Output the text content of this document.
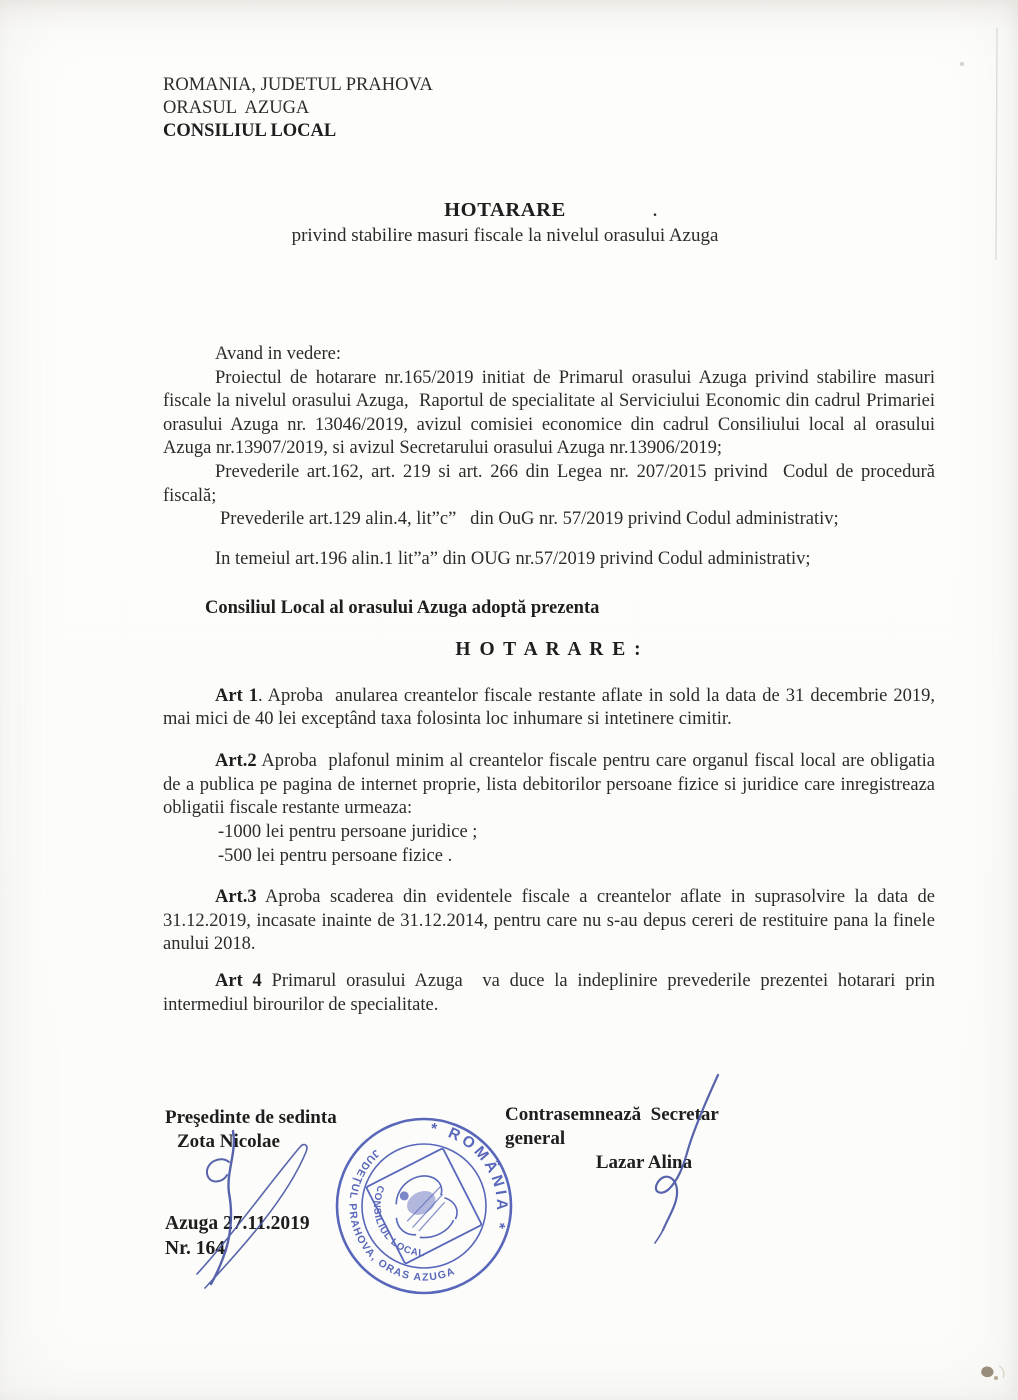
ROMANIA, JUDETUL PRAHOVA
ORASUL  AZUGA
CONSILIUL LOCAL
HOTARARE
privind stabilire masuri fiscale la nivelul orasului Azuga
.
Avand in vedere:
Proiectul de hotarare nr.165/2019 initiat de Primarul orasului Azuga privind stabilire masuri fiscale la nivelul orasului Azuga,  Raportul de specialitate al Serviciului Economic din cadrul Primariei orasului Azuga nr. 13046/2019, avizul comisiei economice din cadrul Consiliului local al orasului Azuga nr.13907/2019, si avizul Secretarului orasului Azuga nr.13906/2019;
Prevederile art.162, art. 219 si art. 266 din Legea nr. 207/2015 privind  Codul de procedură fiscală;
Prevederile art.129 alin.4, lit”c”   din OuG nr. 57/2019 privind Codul administrativ;
In temeiul art.196 alin.1 lit”a” din OUG nr.57/2019 privind Codul administrativ;
Consiliul Local al orasului Azuga adoptă prezenta
H O T A R A R E :

Art 1. Aproba  anularea creantelor fiscale restante aflate in sold la data de 31 decembrie 2019,  mai mici de 40 lei exceptând taxa folosinta loc inhumare si intetinere cimitir.

Art.2 Aproba  plafonul minim al creantelor fiscale pentru care organul fiscal local are obligatia de a publica pe pagina de internet proprie, lista debitorilor persoane fizice si juridice care inregistreaza obligatii fiscale restante urmeaza:

-1000 lei pentru persoane juridice ;
-500 lei pentru persoane fizice .

Art.3 Aproba scaderea din evidentele fiscale a creantelor aflate in suprasolvire la data de 31.12.2019, incasate inainte de 31.12.2014, pentru care nu s-au depus cereri de restituire pana la finele anului 2018.

Art 4 Primarul orasului Azuga  va duce la indeplinire prevederile prezentei hotarari prin intermediul birourilor de specialitate.

Preşedinte de sedinta
Zota Nicolae
Contrasemnează  Secretar general
Lazar Alina
Azuga 27.11.2019
Nr. 164
* ROMÂNIA *
JUDEŢUL PRAHOVA, ORAS AZUGA
CONSILIUL LOCAL
